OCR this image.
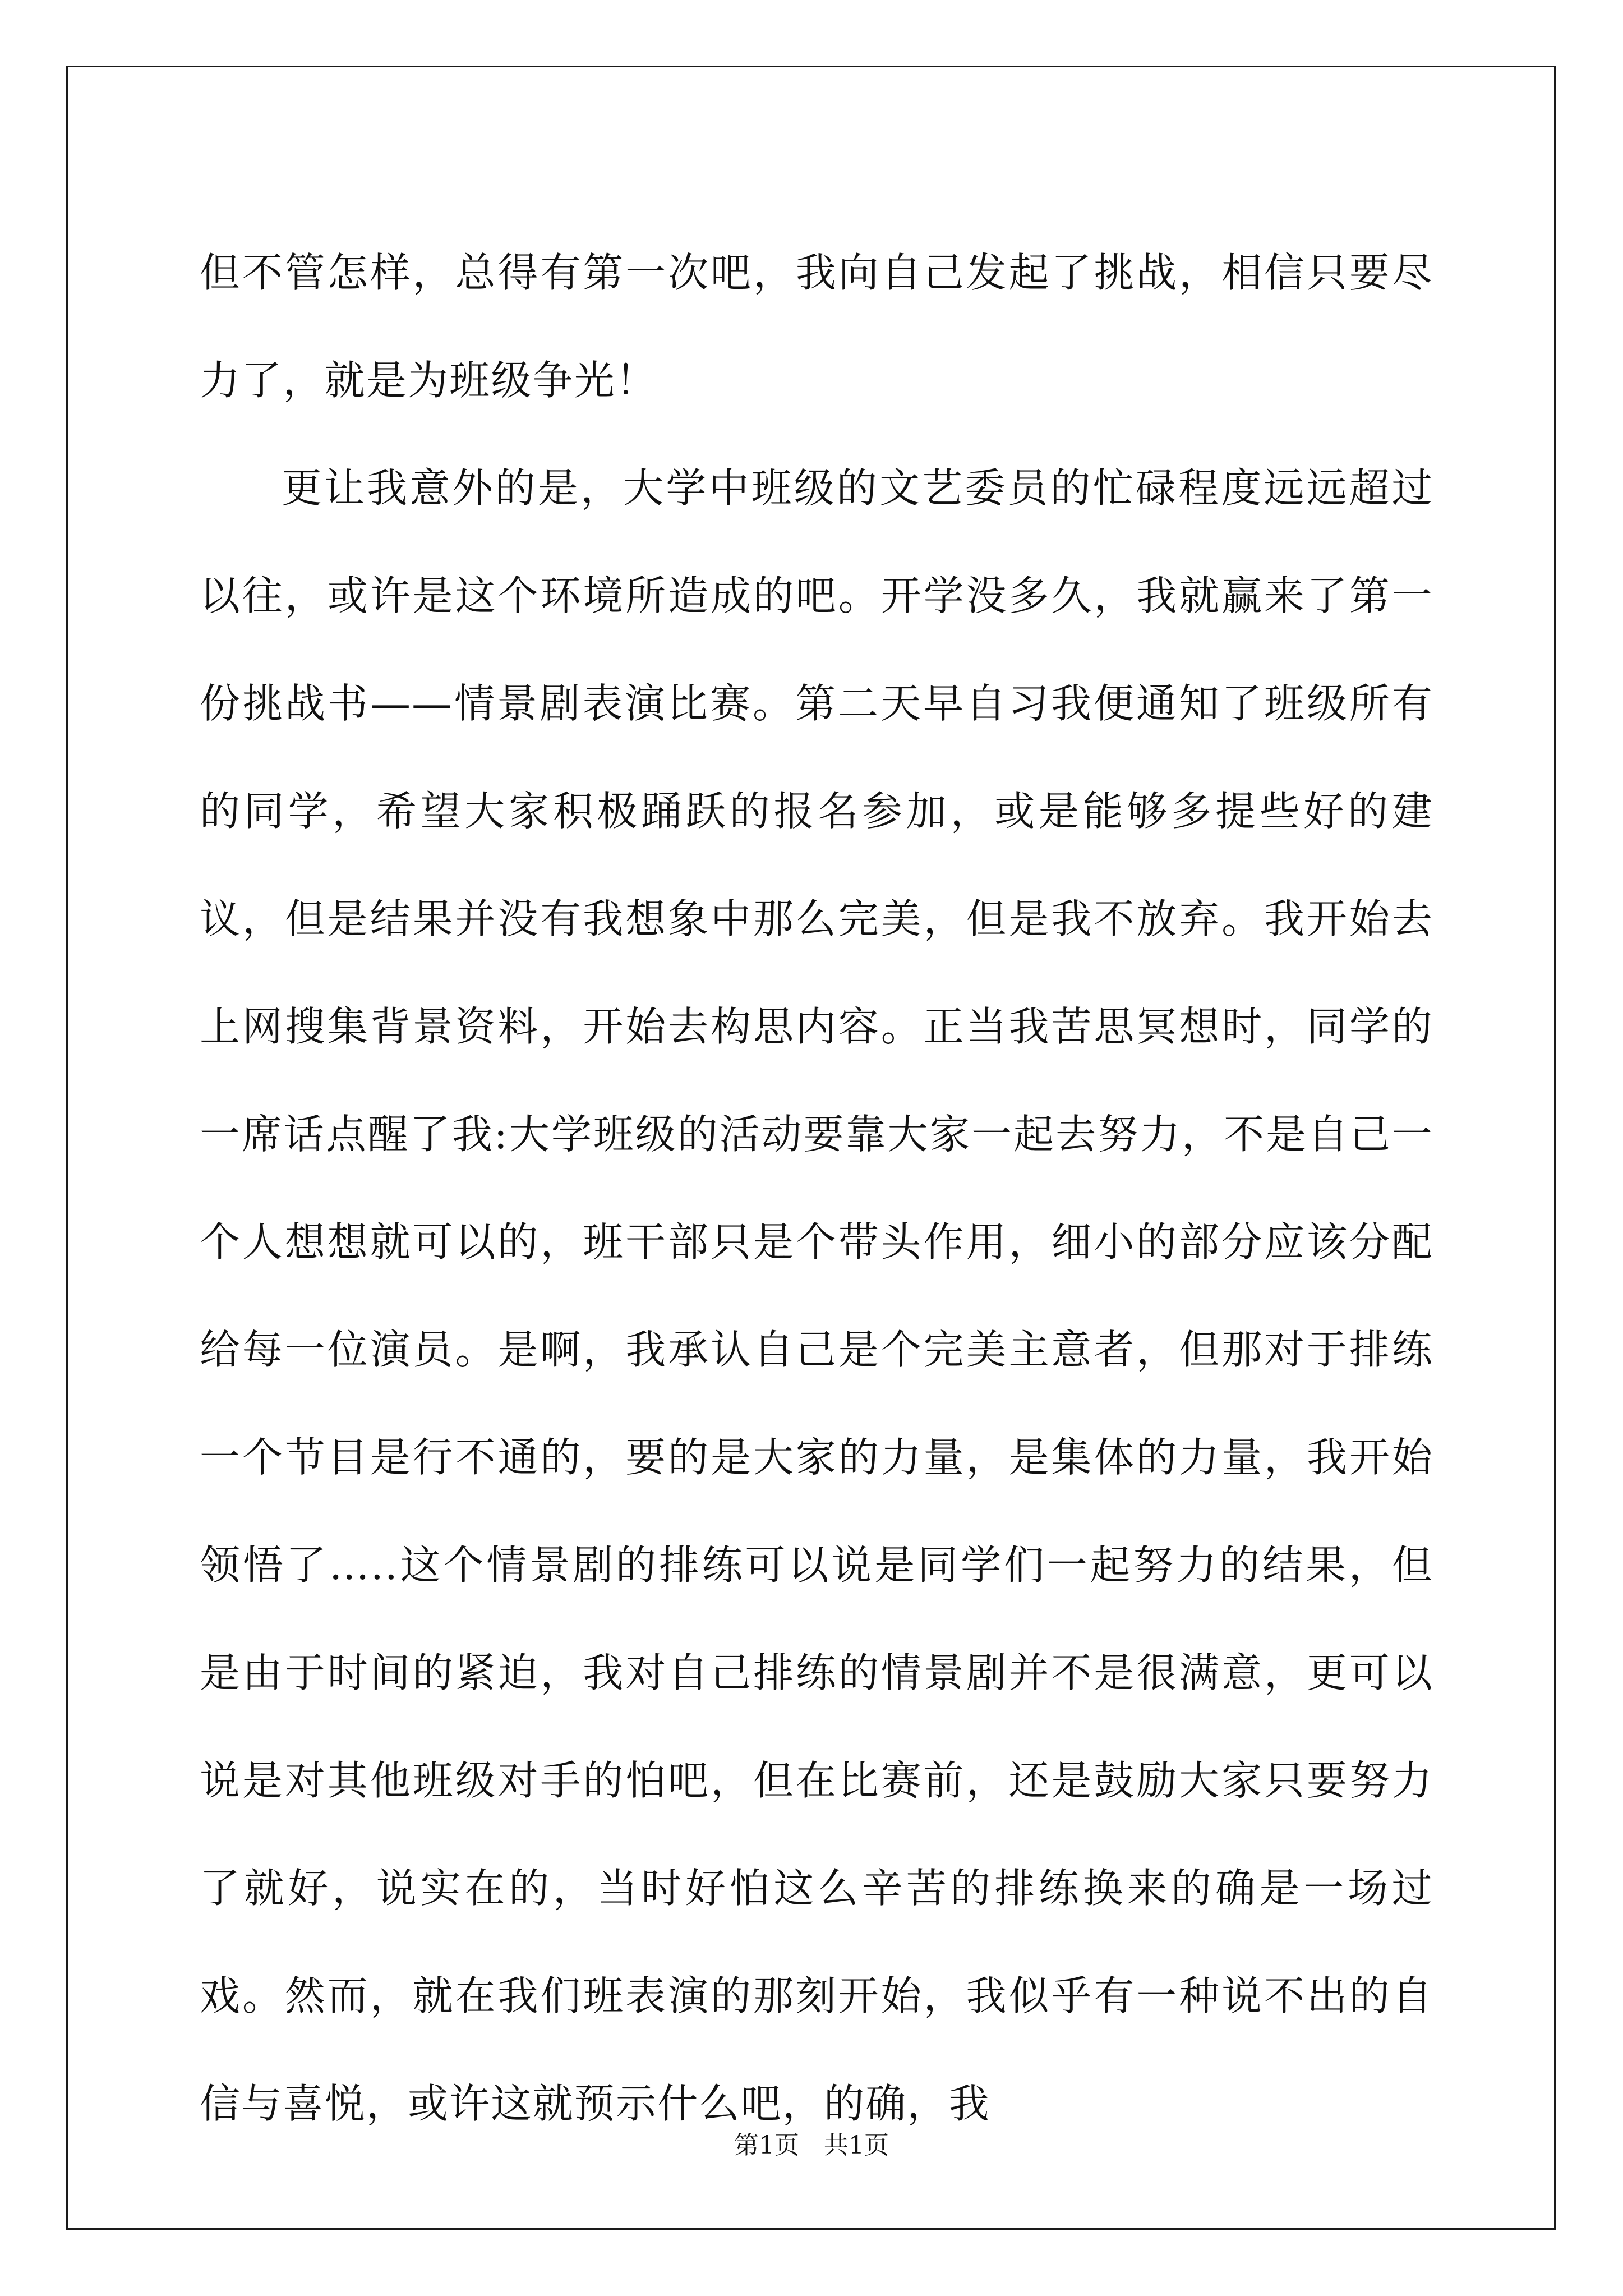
但不管怎样，总得有第一次吧，我向自己发起了挑战，相信只要尽力了，就是为班级争光！

更让我意外的是，大学中班级的文艺委员的忙碌程度远远超过以往，或许是这个环境所造成的吧。开学没多久，我就赢来了第一份挑战书——情景剧表演比赛。第二天早自习我便通知了班级所有的同学，希望大家积极踊跃的报名参加，或是能够多提些好的建议，但是结果并没有我想象中那么完美，但是我不放弃。我开始去上网搜集背景资料，开始去构思内容。正当我苦思冥想时，同学的一席话点醒了我:大学班级的活动要靠大家一起去努力，不是自己一个人想想就可以的，班干部只是个带头作用，细小的部分应该分配给每一位演员。是啊，我承认自己是个完美主意者，但那对于排练一个节目是行不通的，要的是大家的力量，是集体的力量，我开始领悟了…..这个情景剧的排练可以说是同学们一起努力的结果，但是由于时间的紧迫，我对自己排练的情景剧并不是很满意，更可以说是对其他班级对手的怕吧，但在比赛前，还是鼓励大家只要努力了就好，说实在的，当时好怕这么辛苦的排练换来的确是一场过戏。然而，就在我们班表演的那刻开始，我似乎有一种说不出的自信与喜悦，或许这就预示什么吧，的确，我

第1页 共1页
